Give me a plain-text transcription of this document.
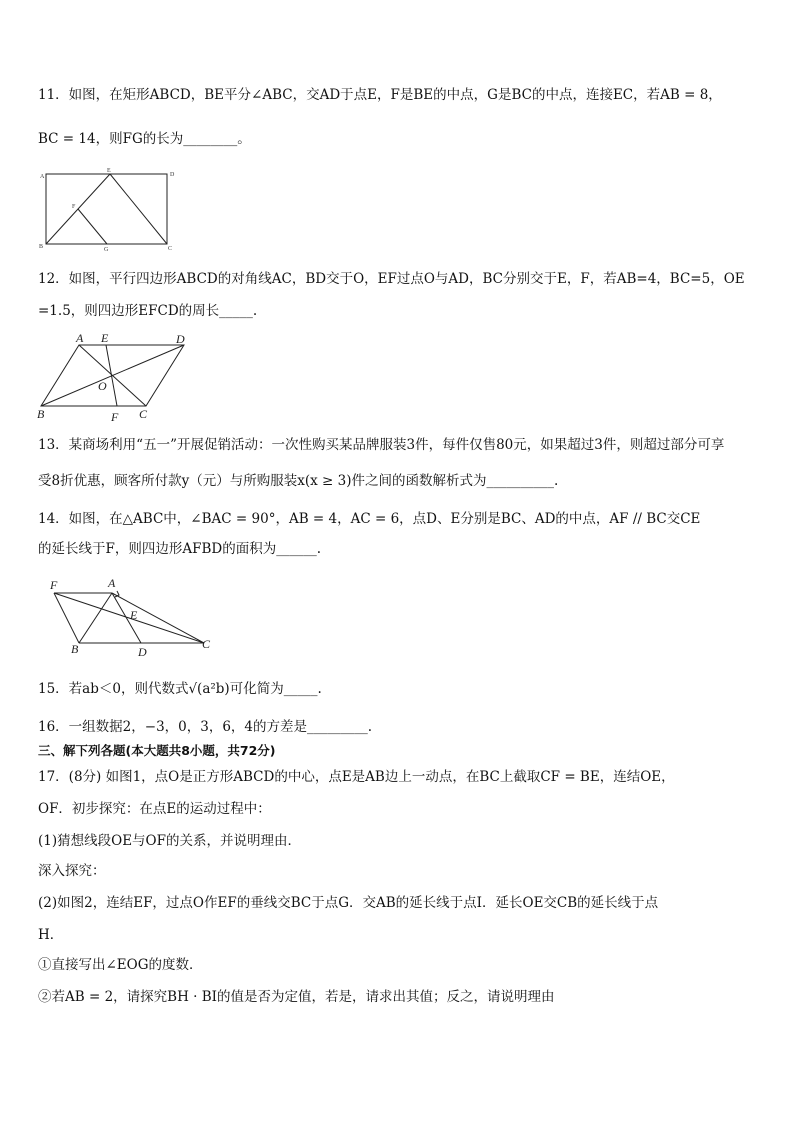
11．如图，在矩形ABCD，BE平分∠ABC，交AD于点E，F是BE的中点，G是BC的中点，连接EC，若AB = 8，
BC = 14，则FG的长为________。
A
E
D
F
B	G	C
12．如图，平行四边形ABCD的对角线AC，BD交于O，EF过点O与AD，BC分别交于E，F，若AB=4，BC=5，OE
=1.5，则四边形EFCD的周长_____.
A E	D
O
B	F C
13．某商场利用“五一”开展促销活动：一次性购买某品牌服装3件，每件仅售80元，如果超过3件，则超过部分可享
受8折优惠，顾客所付款y（元）与所购服装x(x ≥ 3)件之间的函数解析式为__________.
14．如图，在△ABC中，∠BAC = 90°，AB = 4，AC = 6，点D、E分别是BC、AD的中点，AF // BC交CE
的延长线于F，则四边形AFBD的面积为______.
F	A
E
B	D
C
15．若ab＜0，则代数式√(a²b)可化简为_____.
16．一组数据2，−3，0，3，6，4的方差是_________.
三、解下列各题(本大题共8小题，共72分)
17．(8分) 如图1，点O是正方形ABCD的中心，点E是AB边上一动点，在BC上截取CF = BE，连结OE，
OF．初步探究：在点E的运动过程中：
(1)猜想线段OE与OF的关系，并说明理由．
深入探究：
(2)如图2，连结EF，过点O作EF的垂线交BC于点G．交AB的延长线于点I．延长OE交CB的延长线于点
H．
①直接写出∠EOG的度数．
②若AB = 2，请探究BH · BI的值是否为定值，若是，请求出其值；反之，请说明理由
